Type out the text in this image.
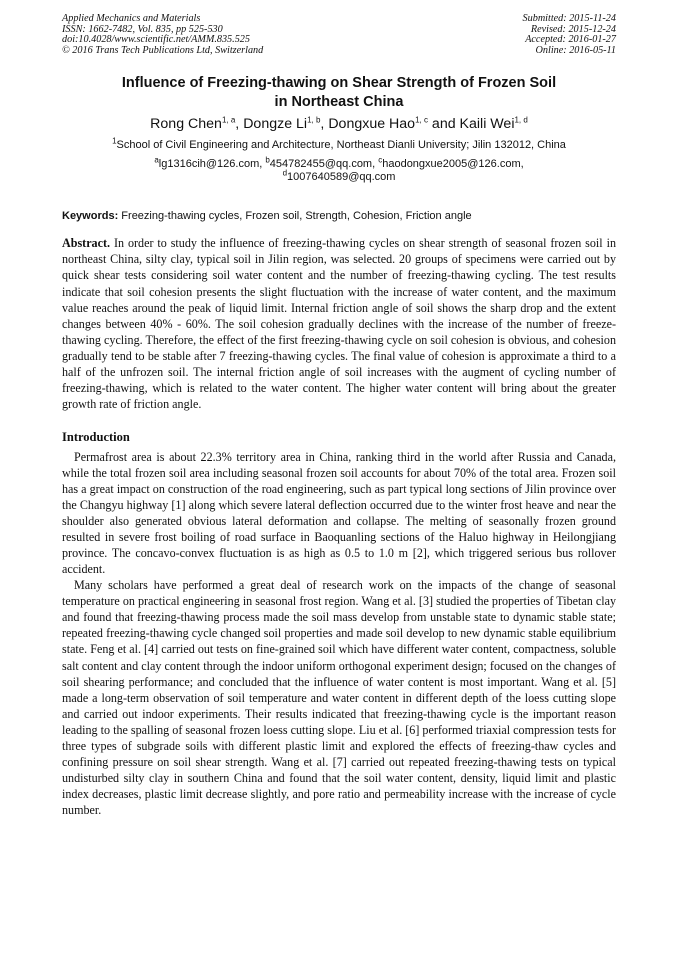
Applied Mechanics and Materials
ISSN: 1662-7482, Vol. 835, pp 525-530
doi:10.4028/www.scientific.net/AMM.835.525
© 2016 Trans Tech Publications Ltd, Switzerland
Submitted: 2015-11-24
Revised: 2015-12-24
Accepted: 2016-01-27
Online: 2016-05-11
Influence of Freezing-thawing on Shear Strength of Frozen Soil
in Northeast China
Rong Chen$^{1, a}$, Dongze Li$^{1, b}$, Dongxue Hao$^{1, c}$ and Kaili Wei$^{1, d}$
$^1$School of Civil Engineering and Architecture, Northeast Dianli University; Jilin 132012, China
$^a$lg1316cih@126.com, $^b$454782455@qq.com, $^c$haodongxue2005@126.com,
$^d$1007640589@qq.com
Keywords: Freezing-thawing cycles, Frozen soil, Strength, Cohesion, Friction angle
Abstract. In order to study the influence of freezing-thawing cycles on shear strength of seasonal frozen soil in northeast China, silty clay, typical soil in Jilin region, was selected. 20 groups of specimens were carried out by quick shear tests considering soil water content and the number of freezing-thawing cycling. The test results indicate that soil cohesion presents the slight fluctuation with the increase of water content, and the maximum value reaches around the peak of liquid limit. Internal friction angle of soil shows the sharp drop and the extent changes between 40% - 60%. The soil cohesion gradually declines with the increase of the number of freeze-thawing cycling. Therefore, the effect of the first freezing-thawing cycle on soil cohesion is obvious, and cohesion gradually tend to be stable after 7 freezing-thawing cycles. The final value of cohesion is approximate a third to a half of the unfrozen soil. The internal friction angle of soil increases with the augment of cycling number of freezing-thawing, which is related to the water content. The higher water content will bring about the greater growth rate of friction angle.
Introduction
Permafrost area is about 22.3% territory area in China, ranking third in the world after Russia and Canada, while the total frozen soil area including seasonal frozen soil accounts for about 70% of the total area. Frozen soil has a great impact on construction of the road engineering, such as part typical long sections of Jilin province over the Changyu highway [1] along which severe lateral deflection occurred due to the winter frost heave and near the shoulder also generated obvious lateral deformation and collapse. The melting of seasonally frozen ground resulted in severe frost boiling of road surface in Baoquanling sections of the Haluo highway in Heilongjiang province. The concavo-convex fluctuation is as high as 0.5 to 1.0 m [2], which triggered serious bus rollover accident.
Many scholars have performed a great deal of research work on the impacts of the change of seasonal temperature on practical engineering in seasonal frost region. Wang et al. [3] studied the properties of Tibetan clay and found that freezing-thawing process made the soil mass develop from unstable state to dynamic stable state; repeated freezing-thawing cycle changed soil properties and made soil develop to new dynamic stable equilibrium state. Feng et al. [4] carried out tests on fine-grained soil which have different water content, compactness, soluble salt content and clay content through the indoor uniform orthogonal experiment design; focused on the changes of soil shearing performance; and concluded that the influence of water content is most important. Wang et al. [5] made a long-term observation of soil temperature and water content in different depth of the loess cutting slope and carried out indoor experiments. Their results indicated that freezing-thawing cycle is the important reason leading to the spalling of seasonal frozen loess cutting slope. Liu et al. [6] performed triaxial compression tests for three types of subgrade soils with different plastic limit and explored the effects of freezing-thaw cycles and confining pressure on soil shear strength. Wang et al. [7] carried out repeated freezing-thawing tests on typical undisturbed silty clay in southern China and found that the soil water content, density, liquid limit and plastic index decreases, plastic limit decrease slightly, and pore ratio and permeability increase with the increase of cycle number.
